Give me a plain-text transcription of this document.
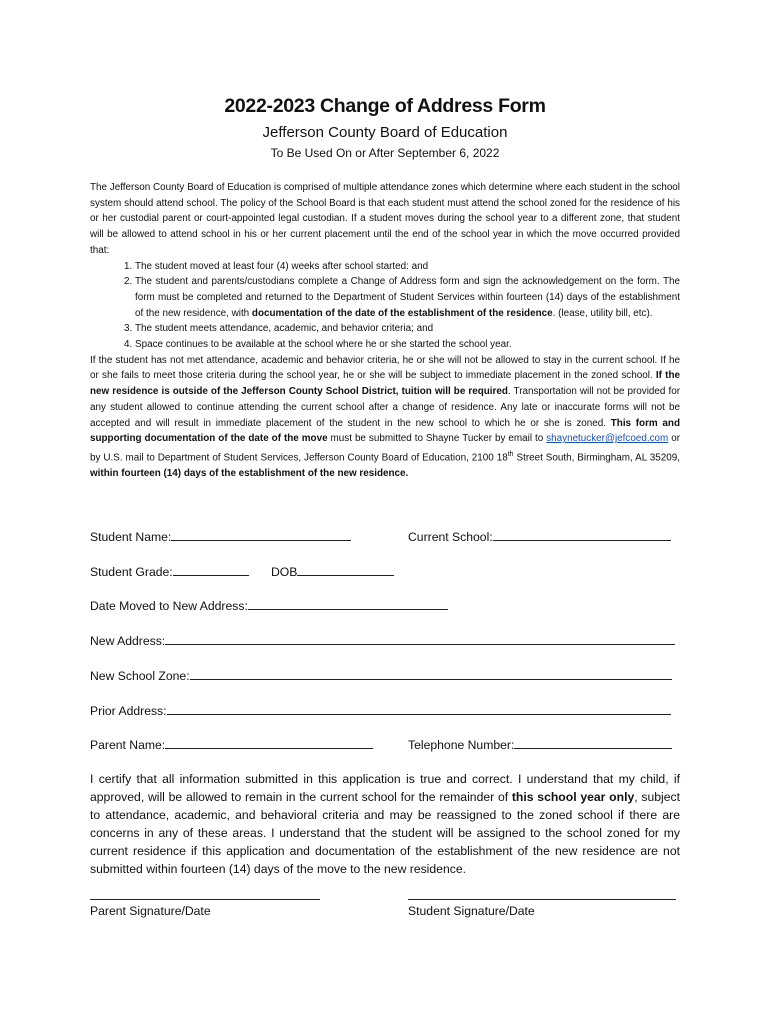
2022-2023 Change of Address Form
Jefferson County Board of Education
To Be Used On or After September 6, 2022

The Jefferson County Board of Education is comprised of multiple attendance zones which determine where each student in the school system should attend school. The policy of the School Board is that each student must attend the school zoned for the residence of his or her custodial parent or court-appointed legal custodian. If a student moves during the school year to a different zone, that student will be allowed to attend school in his or her current placement until the end of the school year in which the move occurred provided that:

1. The student moved at least four (4) weeks after school started: and
2. The student and parents/custodians complete a Change of Address form and sign the acknowledgement on the form. The form must be completed and returned to the Department of Student Services within fourteen (14) days of the establishment of the new residence, with documentation of the date of the establishment of the residence. (lease, utility bill, etc).
3. The student meets attendance, academic, and behavior criteria; and
4. Space continues to be available at the school where he or she started the school year.

If the student has not met attendance, academic and behavior criteria, he or she will not be allowed to stay in the current school. If he or she fails to meet those criteria during the school year, he or she will be subject to immediate placement in the zoned school. If the new residence is outside of the Jefferson County School District, tuition will be required. Transportation will not be provided for any student allowed to continue attending the current school after a change of residence. Any late or inaccurate forms will not be accepted and will result in immediate placement of the student in the new school to which he or she is zoned. This form and supporting documentation of the date of the move must be submitted to Shayne Tucker by email to shaynetucker@jefcoed.com or by U.S. mail to Department of Student Services, Jefferson County Board of Education, 2100 18th Street South, Birmingham, AL 35209, within fourteen (14) days of the establishment of the new residence.

Student Name:	Current School:
Student Grade:	DOB
Date Moved to New Address:
New Address:
New School Zone:
Prior Address:
Parent Name:	Telephone Number:

I certify that all information submitted in this application is true and correct. I understand that my child, if approved, will be allowed to remain in the current school for the remainder of this school year only, subject to attendance, academic, and behavioral criteria and may be reassigned to the zoned school if there are concerns in any of these areas. I understand that the student will be assigned to the school zoned for my current residence if this application and documentation of the establishment of the new residence are not submitted within fourteen (14) days of the move to the new residence.

Parent Signature/Date	Student Signature/Date
